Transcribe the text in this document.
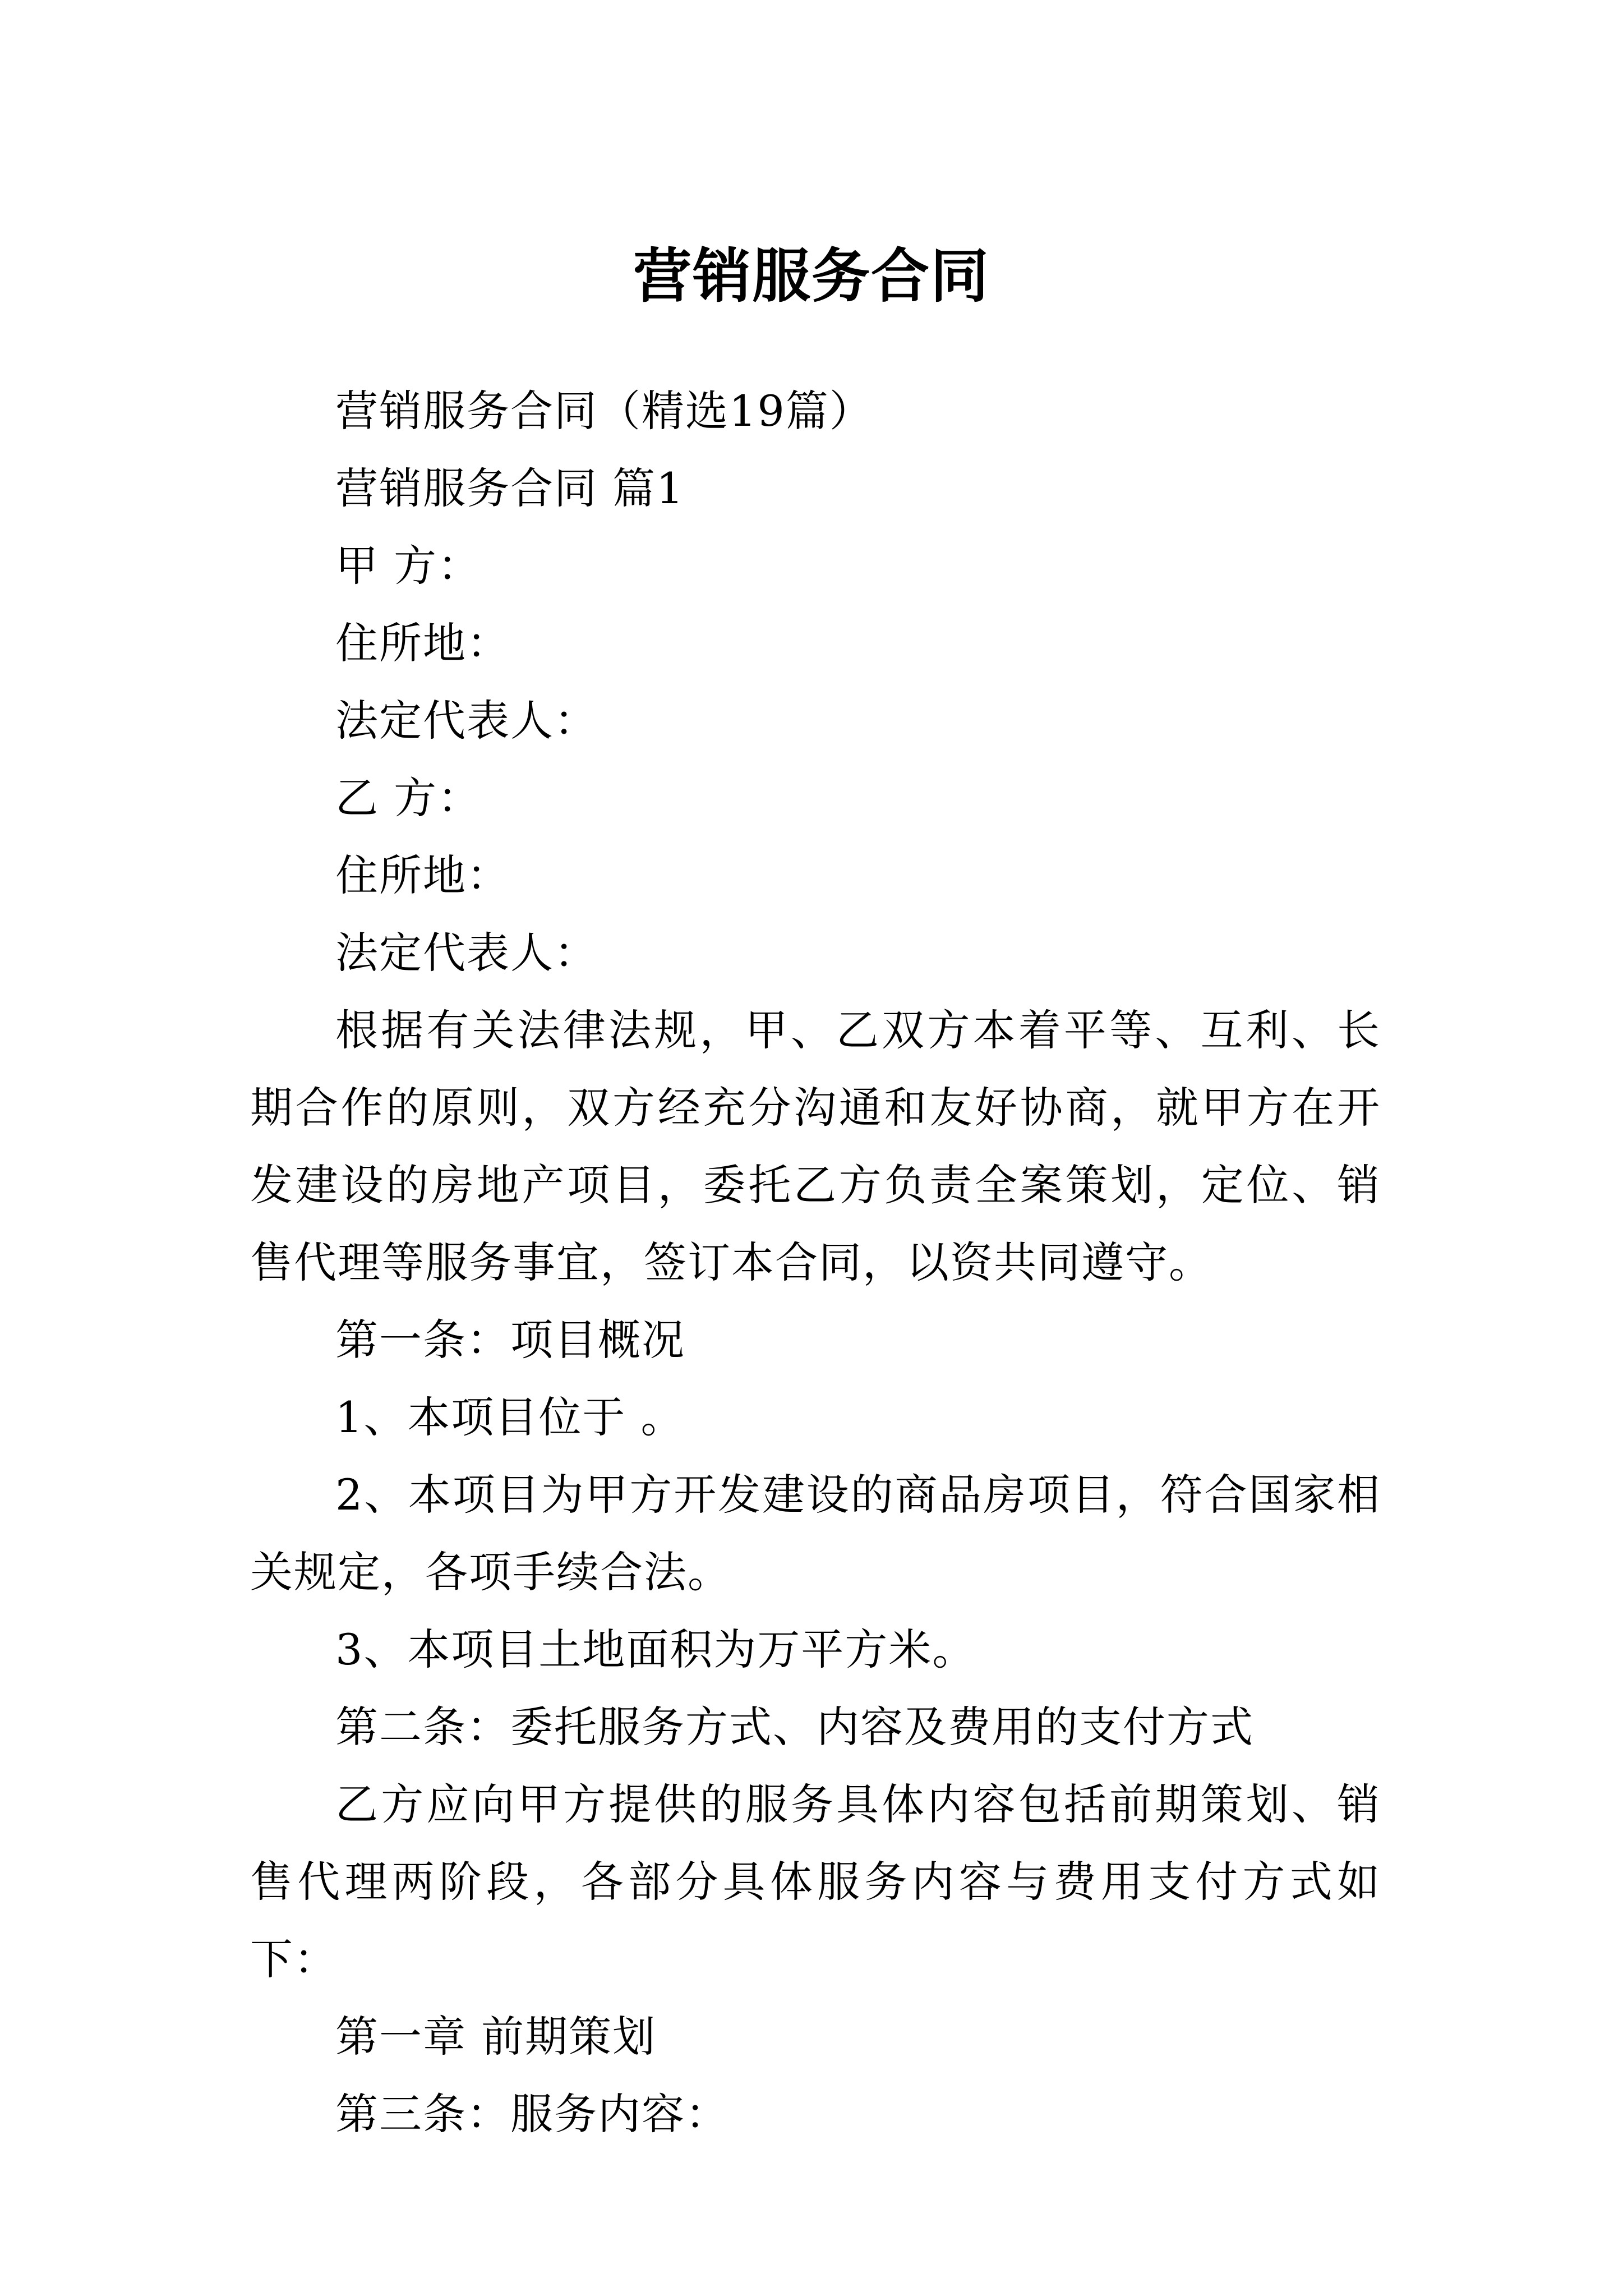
营销服务合同

营销服务合同（精选19篇）

营销服务合同 篇1

甲 方：

住所地：

法定代表人：

乙 方：

住所地：

法定代表人：

根据有关法律法规，甲、乙双方本着平等、互利、长期合作的原则，双方经充分沟通和友好协商，就甲方在开发建设的房地产项目，委托乙方负责全案策划，定位、销售代理等服务事宜，签订本合同，以资共同遵守。

第一条：项目概况

1、本项目位于 。

2、本项目为甲方开发建设的商品房项目，符合国家相关规定，各项手续合法。

3、本项目土地面积为万平方米。

第二条：委托服务方式、内容及费用的支付方式

乙方应向甲方提供的服务具体内容包括前期策划、销售代理两阶段，各部分具体服务内容与费用支付方式如下：

第一章 前期策划

第三条：服务内容：
